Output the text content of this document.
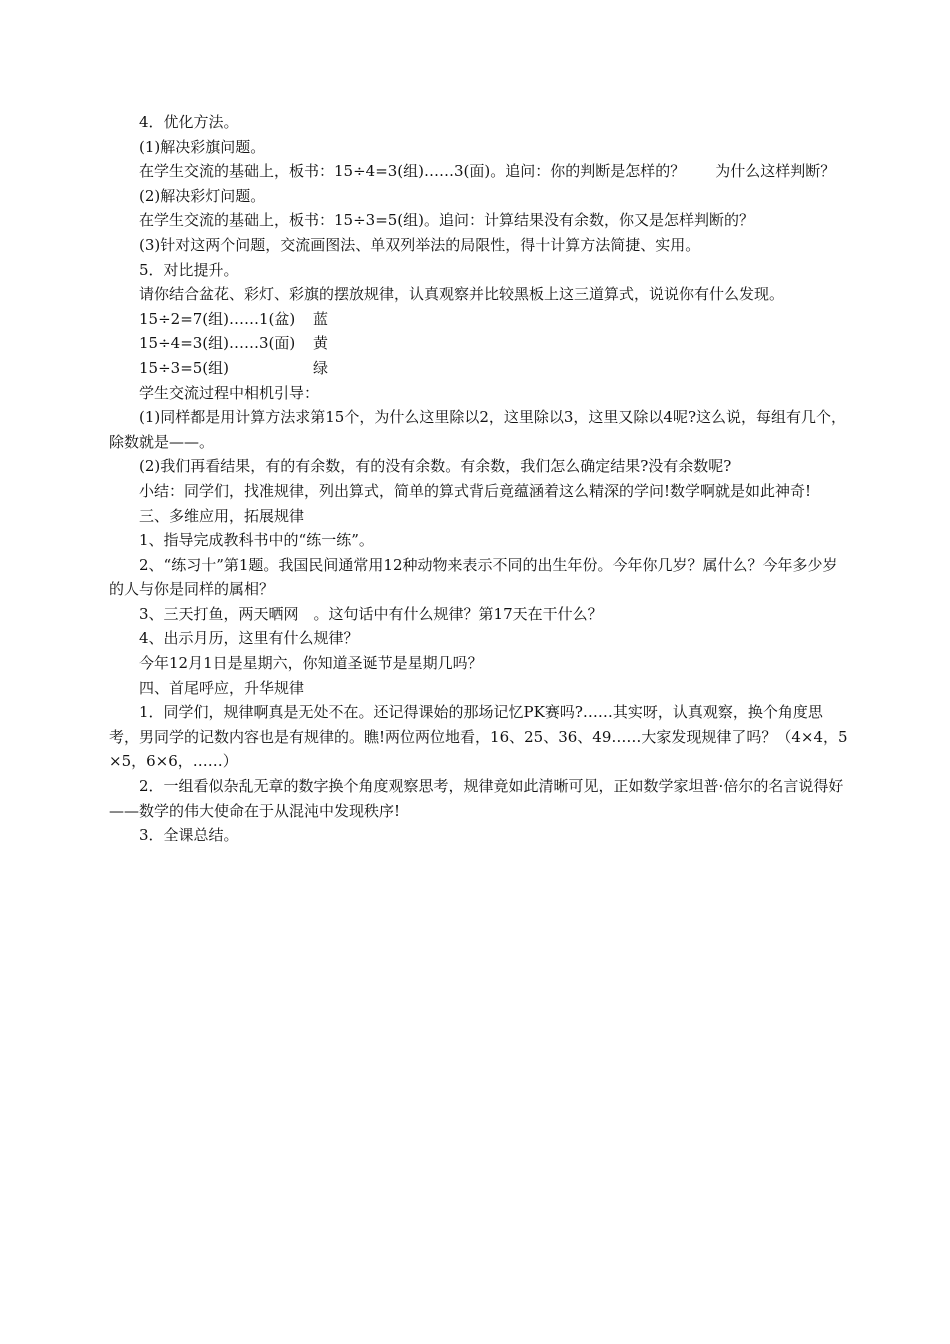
4．优化方法。

(1)解决彩旗问题。

在学生交流的基础上，板书：15÷4=3(组)……3(面)。追问：你的判断是怎样的？　　为什么这样判断？

(2)解决彩灯问题。

在学生交流的基础上，板书：15÷3=5(组)。追问：计算结果没有余数，你又是怎样判断的？

(3)针对这两个问题，交流画图法、单双列举法的局限性，得十计算方法简捷、实用。

5．对比提升。

请你结合盆花、彩灯、彩旗的摆放规律，认真观察并比较黑板上这三道算式，说说你有什么发现。

15÷2=7(组)……1(盆)	蓝
15÷4=3(组)……3(面)	黄
15÷3=5(组)	绿

学生交流过程中相机引导：

(1)同样都是用计算方法求第15个，为什么这里除以2，这里除以3，这里又除以4呢?这么说，每组有几个，除数就是——。

(2)我们再看结果，有的有余数，有的没有余数。有余数，我们怎么确定结果?没有余数呢?

小结：同学们，找准规律，列出算式，简单的算式背后竟蕴涵着这么精深的学问!数学啊就是如此神奇!

三、多维应用，拓展规律

1、指导完成教科书中的“练一练”。

2、“练习十”第1题。我国民间通常用12种动物来表示不同的出生年份。今年你几岁？属什么？今年多少岁的人与你是同样的属相？

3、三天打鱼，两天晒网　。这句话中有什么规律？第17天在干什么？

4、出示月历，这里有什么规律？

今年12月1日是星期六，你知道圣诞节是星期几吗？

四、首尾呼应，升华规律

1．同学们，规律啊真是无处不在。还记得课始的那场记忆PK赛吗?……其实呀，认真观察，换个角度思考，男同学的记数内容也是有规律的。瞧!两位两位地看，16、25、36、49……大家发现规律了吗？（4×4，5×5，6×6，……）

2．一组看似杂乱无章的数字换个角度观察思考，规律竟如此清晰可见，正如数学家坦普·倍尔的名言说得好——数学的伟大使命在于从混沌中发现秩序!

3．全课总结。
